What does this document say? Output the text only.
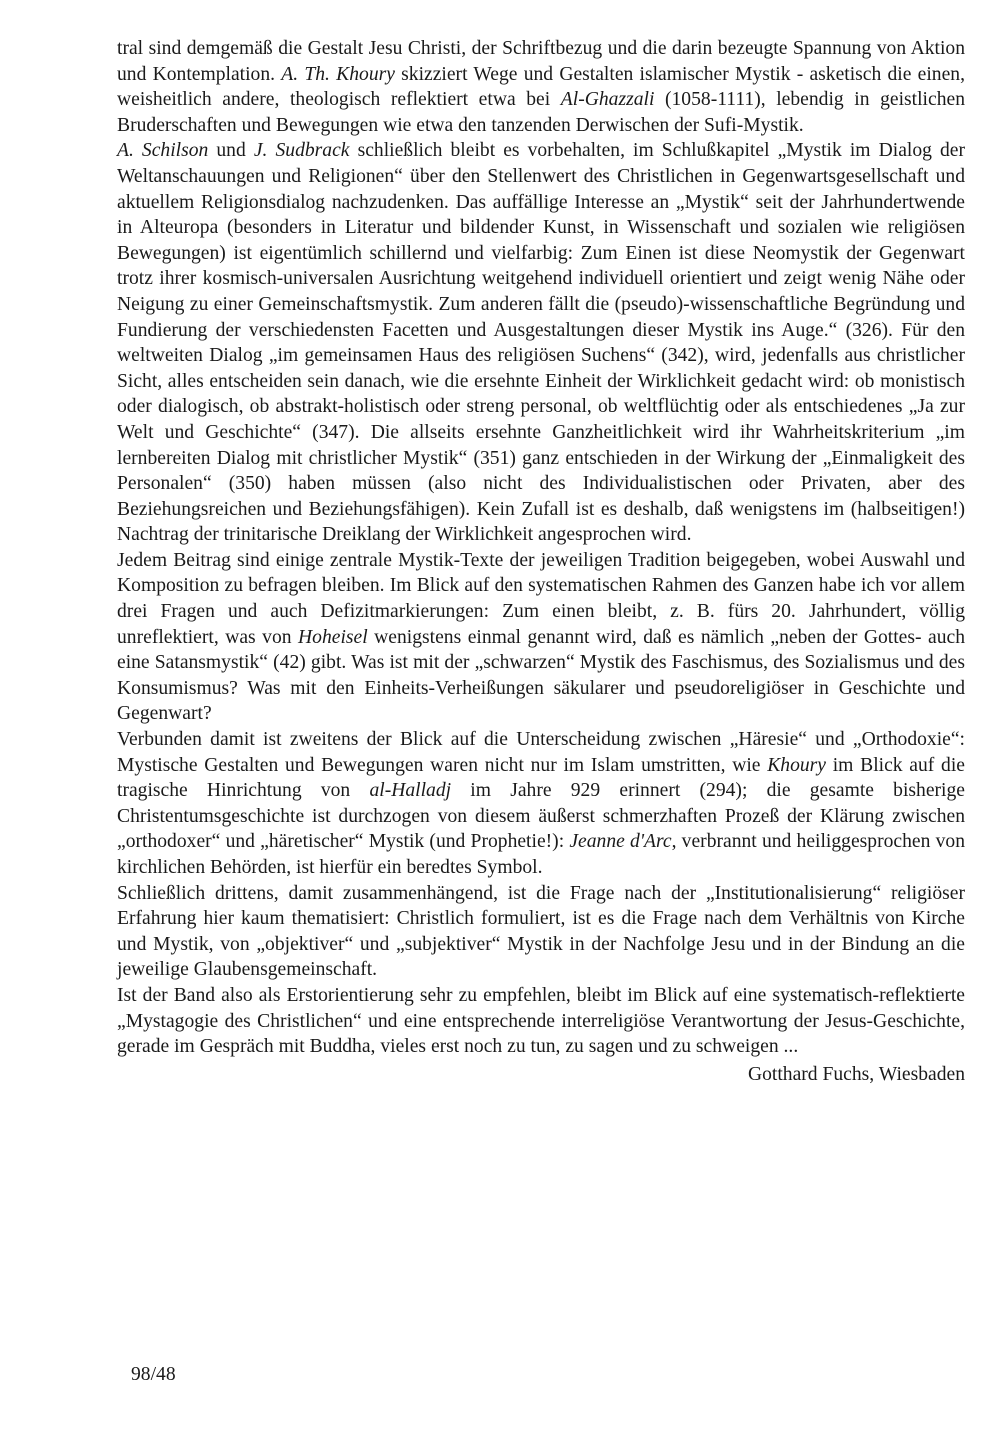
tral sind demgemäß die Gestalt Jesu Christi, der Schriftbezug und die darin bezeugte Spannung von Aktion und Kontemplation. A. Th. Khoury skizziert Wege und Gestalten islamischer Mystik - asketisch die einen, weisheitlich andere, theologisch reflektiert etwa bei Al-Ghazzali (1058-1111), lebendig in geistlichen Bruderschaften und Bewegungen wie etwa den tanzenden Derwischen der Sufi-Mystik.

A. Schilson und J. Sudbrack schließlich bleibt es vorbehalten, im Schlußkapitel „Mystik im Dialog der Weltanschauungen und Religionen“ über den Stellenwert des Christlichen in Gegenwartsgesellschaft und aktuellem Religionsdialog nachzudenken. Das auffällige Interesse an „Mystik“ seit der Jahrhundertwende in Alteuropa (besonders in Literatur und bildender Kunst, in Wissenschaft und sozialen wie religiösen Bewegungen) ist eigentümlich schillernd und vielfarbig: Zum Einen ist diese Neomystik der Gegenwart trotz ihrer kosmisch-universalen Ausrichtung weitgehend individuell orientiert und zeigt wenig Nähe oder Neigung zu einer Gemeinschaftsmystik. Zum anderen fällt die (pseudo)-wissenschaftliche Begründung und Fundierung der verschiedensten Facetten und Ausgestaltungen dieser Mystik ins Auge.“ (326). Für den weltweiten Dialog „im gemeinsamen Haus des religiösen Suchens“ (342), wird, jedenfalls aus christlicher Sicht, alles entscheiden sein danach, wie die ersehnte Einheit der Wirklichkeit gedacht wird: ob monistisch oder dialogisch, ob abstrakt-holistisch oder streng personal, ob weltflüchtig oder als entschiedenes „Ja zur Welt und Geschichte“ (347). Die allseits ersehnte Ganzheitlichkeit wird ihr Wahrheitskriterium „im lernbereiten Dialog mit christlicher Mystik“ (351) ganz entschieden in der Wirkung der „Einmaligkeit des Personalen“ (350) haben müssen (also nicht des Individualistischen oder Privaten, aber des Beziehungsreichen und Beziehungsfähigen). Kein Zufall ist es deshalb, daß wenigstens im (halbseitigen!) Nachtrag der trinitarische Dreiklang der Wirklichkeit angesprochen wird.

Jedem Beitrag sind einige zentrale Mystik-Texte der jeweiligen Tradition beigegeben, wobei Auswahl und Komposition zu befragen bleiben. Im Blick auf den systematischen Rahmen des Ganzen habe ich vor allem drei Fragen und auch Defizitmarkierungen: Zum einen bleibt, z. B. fürs 20. Jahrhundert, völlig unreflektiert, was von Hoheisel wenigstens einmal genannt wird, daß es nämlich „neben der Gottes- auch eine Satansmystik“ (42) gibt. Was ist mit der „schwarzen“ Mystik des Faschismus, des Sozialismus und des Konsumismus? Was mit den Einheits-Verheißungen säkularer und pseudoreligiöser in Geschichte und Gegenwart?

Verbunden damit ist zweitens der Blick auf die Unterscheidung zwischen „Häresie“ und „Orthodoxie“: Mystische Gestalten und Bewegungen waren nicht nur im Islam umstritten, wie Khoury im Blick auf die tragische Hinrichtung von al-Halladj im Jahre 929 erinnert (294); die gesamte bisherige Christentumsgeschichte ist durchzogen von diesem äußerst schmerzhaften Prozeß der Klärung zwischen „orthodoxer“ und „häretischer“ Mystik (und Prophetie!): Jeanne d'Arc, verbrannt und heiliggesprochen von kirchlichen Behörden, ist hierfür ein beredtes Symbol.

Schließlich drittens, damit zusammenhängend, ist die Frage nach der „Institutionalisierung“ religiöser Erfahrung hier kaum thematisiert: Christlich formuliert, ist es die Frage nach dem Verhältnis von Kirche und Mystik, von „objektiver“ und „subjektiver“ Mystik in der Nachfolge Jesu und in der Bindung an die jeweilige Glaubensgemeinschaft.

Ist der Band also als Erstorientierung sehr zu empfehlen, bleibt im Blick auf eine systematisch-reflektierte „Mystagogie des Christlichen“ und eine entsprechende interreligiöse Verantwortung der Jesus-Geschichte, gerade im Gespräch mit Buddha, vieles erst noch zu tun, zu sagen und zu schweigen ...

Gotthard Fuchs, Wiesbaden

98/48
